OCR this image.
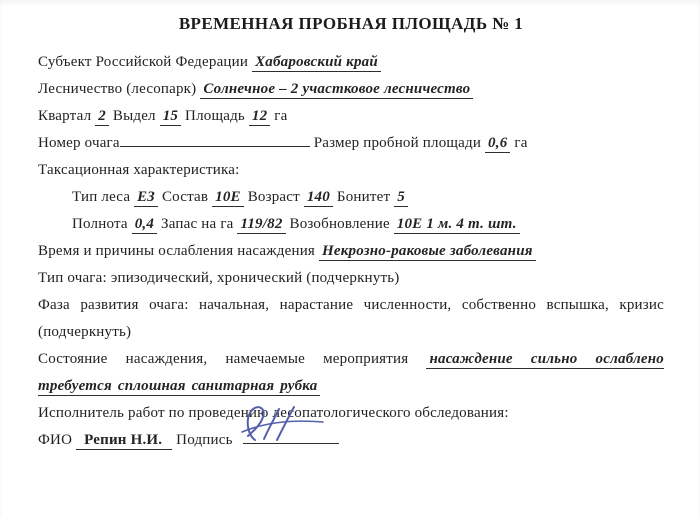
ВРЕМЕННАЯ ПРОБНАЯ ПЛОЩАДЬ № 1

Субъект Российской Федерации Хабаровский край

Лесничество (лесопарк) Солнечное – 2 участковое лесничество

Квартал 2 Выдел 15 Площадь 12 га

Номер очага	Размер пробной площади 0,6 га

Таксационная характеристика:

Тип леса ЕЗ Состав 10Е Возраст 140 Бонитет 5

Полнота 0,4 Запас на га 119/82 Возобновление 10Е 1 м. 4 т. шт.

Время и причины ослабления насаждения Некрозно-раковые заболевания

Тип очага: эпизодический, хронический (подчеркнуть)

Фаза развития очага: начальная, нарастание численности, собственно вспышка, кризис (подчеркнуть)

Состояние насаждения, намечаемые мероприятия насаждение сильно ослаблено требуется сплошная санитарная рубка

Исполнитель работ по проведению лесопатологического обследования:

ФИО Репин Н.И. Подпись
